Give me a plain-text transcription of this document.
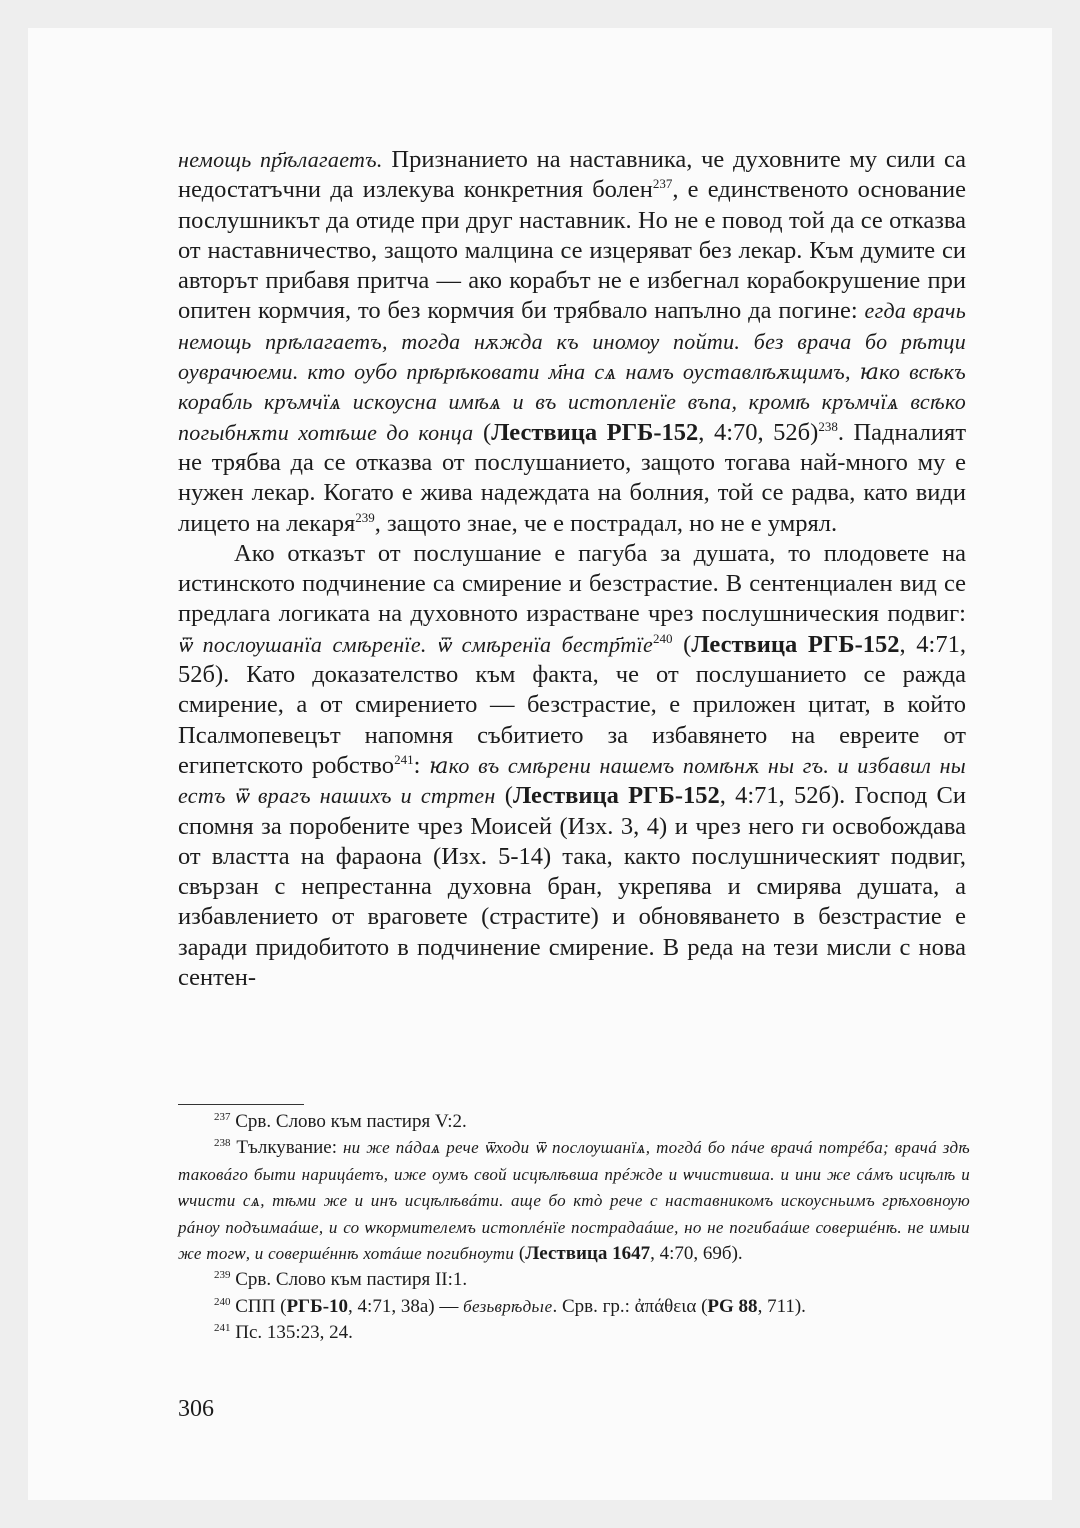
немощь пр҃ѣлагаетъ. Признанието на наставника, че духовните му сили са недостатъчни да излекува конкретния болен$^{237}$, е единственото основание послушникът да отиде при друг наставник. Но не е повод той да се отказва от наставничество, защото малцина се изцеряват без лекар. Към думите си авторът прибавя притча — ако корабът не е избегнал корабокрушение при опитен кормчия, то без кормчия би трябвало напълно да погине: егда врачь немощь прѣлагаетъ, тогда нѫжда къ иномѹ пойти. без врача бо рѣтци оуврачюеми. кто оубо прѣрѣковати м҃на сѧ намъ оуставлѣѫщимъ, ꙗко всѣкъ корабль кръмчїѧ искѹсна имѣѧ и въ истопленїе въпа, кромѣ кръмчїѧ всѣко погыбнѫти хотѣше до конца (Лествица РГБ-152, 4:70, 52б)$^{238}$. Падналият не трябва да се отказва от послушанието, защото тогава най-много му е нужен лекар. Когато е жива надеждата на болния, той се радва, като види лицето на лекаря$^{239}$, защото знае, че е пострадал, но не е умрял.

Ако отказът от послушание е пагуба за душата, то плодовете на истинското подчинение са смирение и безстрастие. В сентенциален вид се предлага логиката на духовното израстване чрез послушническия подвиг: ѿ послѹшанїа смѣренїе. ѿ смѣренїа бестр҃тїе$^{240}$ (Лествица РГБ-152, 4:71, 52б). Като доказателство към факта, че от послушанието се ражда смирение, а от смирението — безстрастие, е приложен цитат, в който Псалмопевецът напомня събитието за избавянето на евреите от египетското робство$^{241}$: ꙗко въ смѣрени нашемъ помѣнѫ ны гъ. и избавил ны естъ ѿ врагъ нашихъ и стртен (Лествица РГБ-152, 4:71, 52б). Господ Си спомня за поробените чрез Моисей (Изх. 3, 4) и чрез него ги освобождава от властта на фараона (Изх. 5-14) така, както послушническият подвиг, свързан с непрестанна духовна бран, укрепява и смирява душата, а избавлението от враговете (страстите) и обновяването в безстрастие е заради придобитото в подчинение смирение. В реда на тези мисли с нова сентен-

$^{237}$ Срв. Слово към пастиря V:2.

$^{238}$ Тълкувание: ни же пáдаѧ рече ѿходи ѿ послѹшанїѧ, тогдá бо пáче врачá потрéба; врачá здѣ таковáго быти нарицáетъ, иже оумъ свой исцѣлѣвша прéжде и ѡчистивша. и ини же сáмъ исцѣлѣ и ѡчисти сѧ, тѣми же и инъ исцѣлѣвáти. аще бо ктò рече с наставникомъ искоусньимъ грѣховнѹю рáнѹ подъимаáше, и со ѡкормителемъ истоплéнїе пострадаáше, но не погибаáше совершéнѣ. не имыи же тогѡ, и совершéннѣ хотáше погибнѹти (Лествица 1647, 4:70, 69б).

$^{239}$ Срв. Слово към пастиря II:1.

$^{240}$ СПП (РГБ-10, 4:71, 38а) — безьврѣдьıе. Срв. гр.: ἀπάθεια (PG 88, 711).

$^{241}$ Пс. 135:23, 24.

306
